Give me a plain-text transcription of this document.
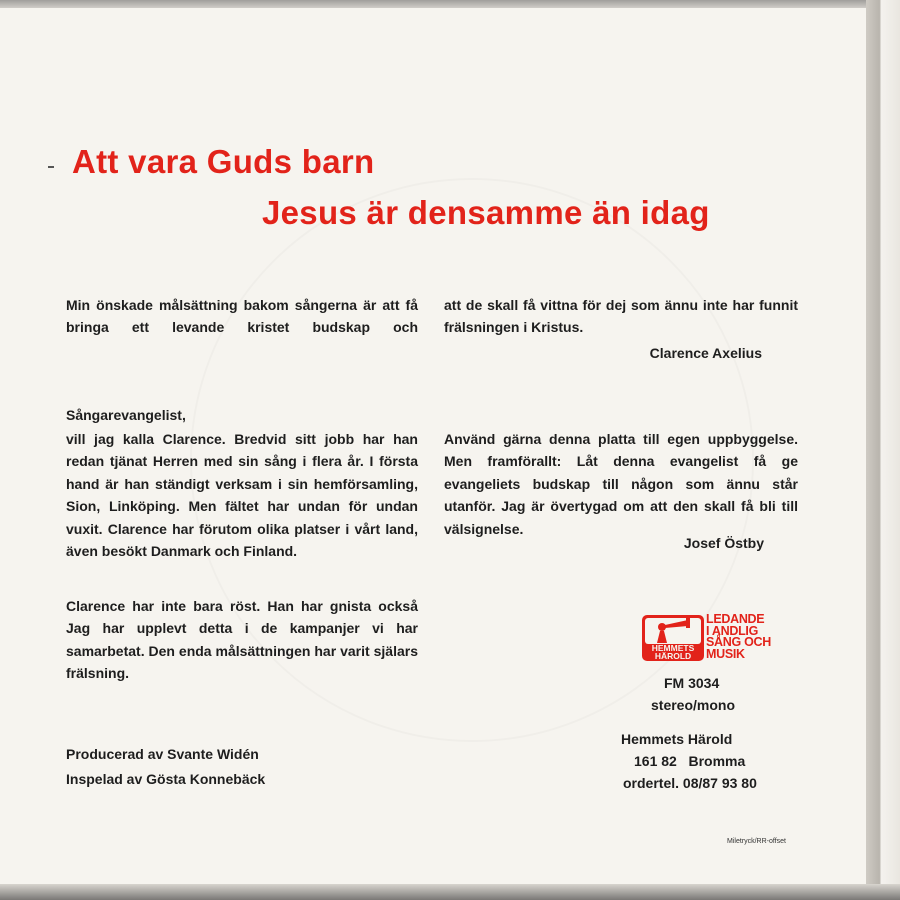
Att vara Guds barn
Jesus är densamme än idag
Min önskade målsättning bakom sångerna är att få bringa ett levande kristet budskap och
Sångarevangelist,
vill jag kalla Clarence. Bredvid sitt jobb har han redan tjänat Herren med sin sång i flera år. I första hand är han ständigt verksam i sin hemförsamling, Sion, Linköping. Men fältet har undan för undan vuxit. Clarence har förutom olika platser i vårt land, även besökt Danmark och Finland.
Clarence har inte bara röst. Han har gnista också Jag har upplevt detta i de kampanjer vi har samarbetat. Den enda målsättningen har varit själars frälsning.
att de skall få vittna för dej som ännu inte har funnit frälsningen i Kristus.
Clarence Axelius
Använd gärna denna platta till egen uppbyggelse. Men framförallt: Låt denna evangelist få ge evangeliets budskap till någon som ännu står utanför. Jag är övertygad om att den skall få bli till välsignelse.
Josef Östby
Producerad av Svante Widén
Inspelad av Gösta Konnebäck
HEMMETS
HÄROLD
LEDANDE
I ANDLIG
SÅNG OCH
MUSIK
FM 3034
stereo/mono
Hemmets Härold
161 82   Bromma
ordertel. 08/87 93 80
Miletryck/RR-offset
